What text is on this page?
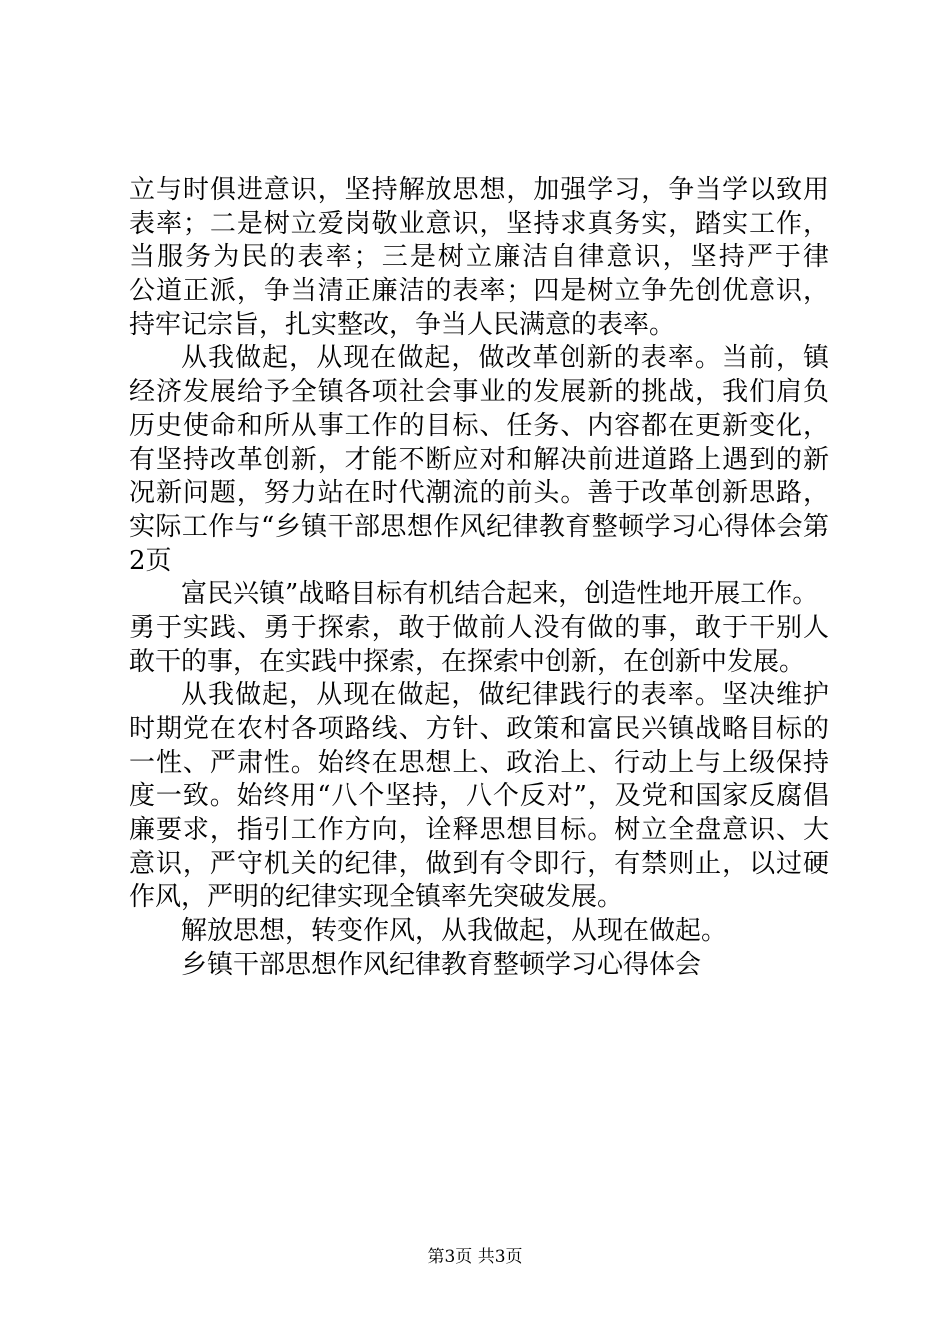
立与时俱进意识，坚持解放思想，加强学习，争当学以致用
表率；二是树立爱岗敬业意识，坚持求真务实，踏实工作，
当服务为民的表率；三是树立廉洁自律意识，坚持严于律
公道正派，争当清正廉洁的表率；四是树立争先创优意识，
持牢记宗旨，扎实整改，争当人民满意的表率。
从我做起，从现在做起，做改革创新的表率。当前，镇
经济发展给予全镇各项社会事业的发展新的挑战，我们肩负
历史使命和所从事工作的目标、任务、内容都在更新变化，
有坚持改革创新，才能不断应对和解决前进道路上遇到的新
况新问题，努力站在时代潮流的前头。善于改革创新思路，
实际工作与“乡镇干部思想作风纪律教育整顿学习心得体会第
2页
富民兴镇”战略目标有机结合起来，创造性地开展工作。
勇于实践、勇于探索，敢于做前人没有做的事，敢于干别人
敢干的事，在实践中探索，在探索中创新，在创新中发展。
从我做起，从现在做起，做纪律践行的表率。坚决维护
时期党在农村各项路线、方针、政策和富民兴镇战略目标的
一性、严肃性。始终在思想上、政治上、行动上与上级保持
度一致。始终用“八个坚持，八个反对”，及党和国家反腐倡
廉要求，指引工作方向，诠释思想目标。树立全盘意识、大
意识，严守机关的纪律，做到有令即行，有禁则止，以过硬
作风，严明的纪律实现全镇率先突破发展。
解放思想，转变作风，从我做起，从现在做起。
乡镇干部思想作风纪律教育整顿学习心得体会
第3页 共3页
